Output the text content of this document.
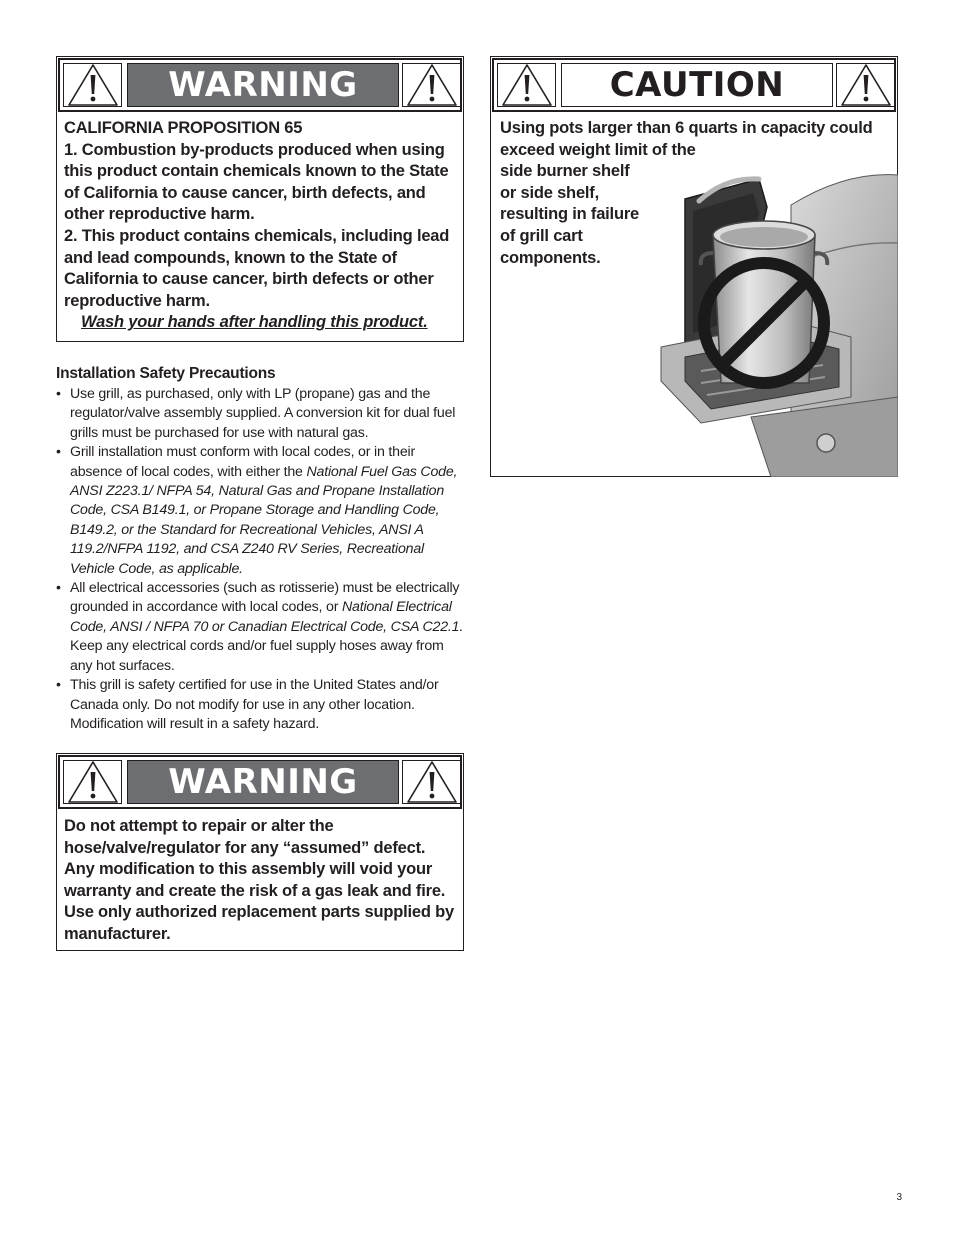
WARNING

CALIFORNIA PROPOSITION 65

1. Combustion by-products produced when using this product contain chemicals known to the State of California to cause cancer, birth defects, and other reproductive harm.

2. This product contains chemicals, including lead and lead compounds, known to the State of California to cause cancer, birth defects or other reproductive harm.

Wash your hands after handling this product.

CAUTION
Using pots larger than 6 quarts in capacity could
exceed weight limit of the
side burner shelf
or side shelf,
resulting in failure
of grill cart
components.
Installation Safety Precautions
• Use grill, as purchased, only with LP (propane) gas and the regulator/valve assembly supplied. A conversion kit for dual fuel grills must be purchased for use with natural gas.
• Grill installation must conform with local codes, or in their absence of local codes, with either the National Fuel Gas Code, ANSI Z223.1/ NFPA 54, Natural Gas and Propane Installation Code, CSA B149.1, or Propane Storage and Handling Code, B149.2, or the Standard for Recreational Vehicles, ANSI A 119.2/NFPA 1192, and CSA Z240 RV Series, Recreational Vehicle Code, as applicable.
• All electrical accessories (such as rotisserie) must be electrically grounded in accordance with local codes, or National Electrical Code, ANSI / NFPA 70 or Canadian Electrical Code, CSA C22.1.  Keep any electrical cords and/or fuel supply hoses away from any hot surfaces.
• This grill is safety certified for use in the United States and/or Canada only. Do not modify for use in any other location. Modification will result in a safety hazard.
WARNING

Do not attempt to repair or alter the hose/valve/regulator for any “assumed” defect. Any modification to this assembly will void your warranty and create the risk of a gas leak and fire. Use only authorized replacement parts supplied by manufacturer.

3
